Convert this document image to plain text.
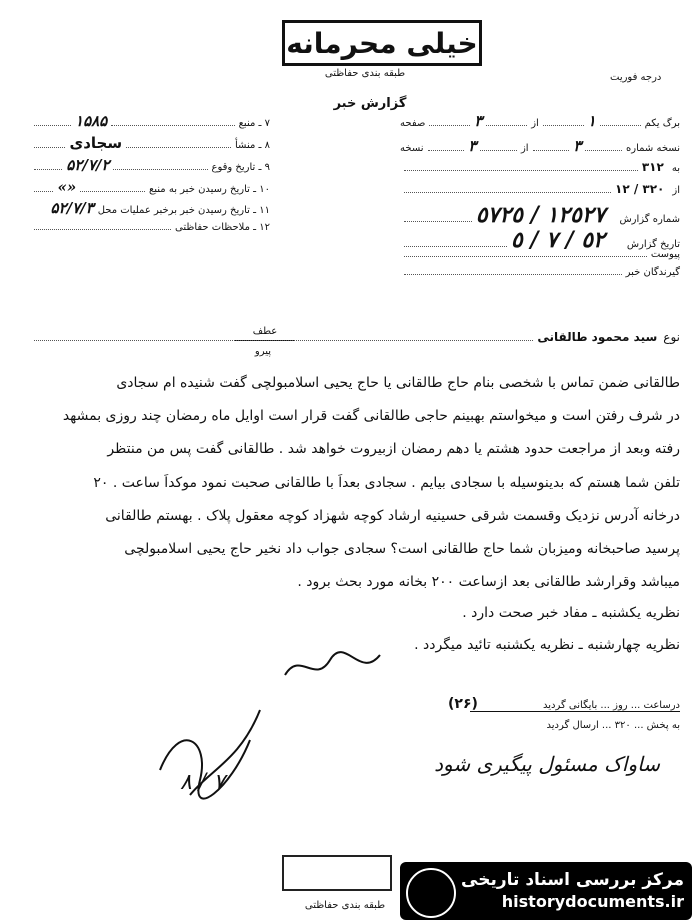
خیلی محرمانه
طبقه بندی حفاظتی	درجه فوریت
گزارش خبر
برگ یکم
١
از
٣
صفحه
نسخه شماره
٣
از
٣
نسخه
به
٣١٢
از
٣٢٠ / ١٢
شماره گزارش
١٢٥٢٧ / ٥٧٢٥
تاریخ گزارش
٥٢ / ٧ / ٥
پیوست
گیرندگان خبر
۷ ـ منبع
۱۵۸۵
۸ ـ منشأ
سجادی
۹ ـ تاریخ وقوع
۵۲/۷/۲
۱۰ ـ تاریخ رسیدن خبر به منبع
«»
۱۱ ـ تاریخ رسیدن خبر برخبر عملیات محل
۵۲/۷/۳
۱۲ ـ ملاحظات حفاظتی
عطف
پیرو
نوع
سید محمود طالقانی
طالقانی ضمن تماس با شخصی بنام حاج طالقانی یا حاج یحیی اسلامبولچی گفت شنیده ام سجادی
در شرف رفتن است و میخواستم بهبینم حاجی طالقانی گفت قرار است اوایل ماه رمضان چند روزی بمشهد
رفته وبعد از مراجعت حدود هشتم یا دهم رمضان ازبیروت خواهد شد . طالقانی گفت پس من منتظر
تلفن شما هستم که بدینوسیله با سجادی بیایم . سجادی بعداً با طالقانی صحبت نمود موکداً ساعت . ۲۰
درخانه آدرس نزدیک وقسمت شرقی حسینیه ارشاد کوچه شهزاد کوچه معقول پلاک . بهستم طالقانی
پرسید صاحبخانه ومیزبان شما حاج طالقانی است؟ سجادی جواب داد نخیر حاج یحیی اسلامبولچی
میباشد وقرارشد طالقانی بعد ازساعت ۲۰۰ بخانه مورد بحث برود .
نظریه یکشنبه ـ مفاد خبر صحت دارد .
نظریه چهارشنبه ـ نظریه یکشنبه تائید میگردد .
درساعت ... روز ... بایگانی گردید
(۲۶)
به پخش ... ۳۲۰ ... ارسال گردید
ساواک مسئول پیگیری شود
۸ / ۷
طبقه بندی حفاظتی
مرکز بررسی اسناد تاریخی
historydocuments.ir
